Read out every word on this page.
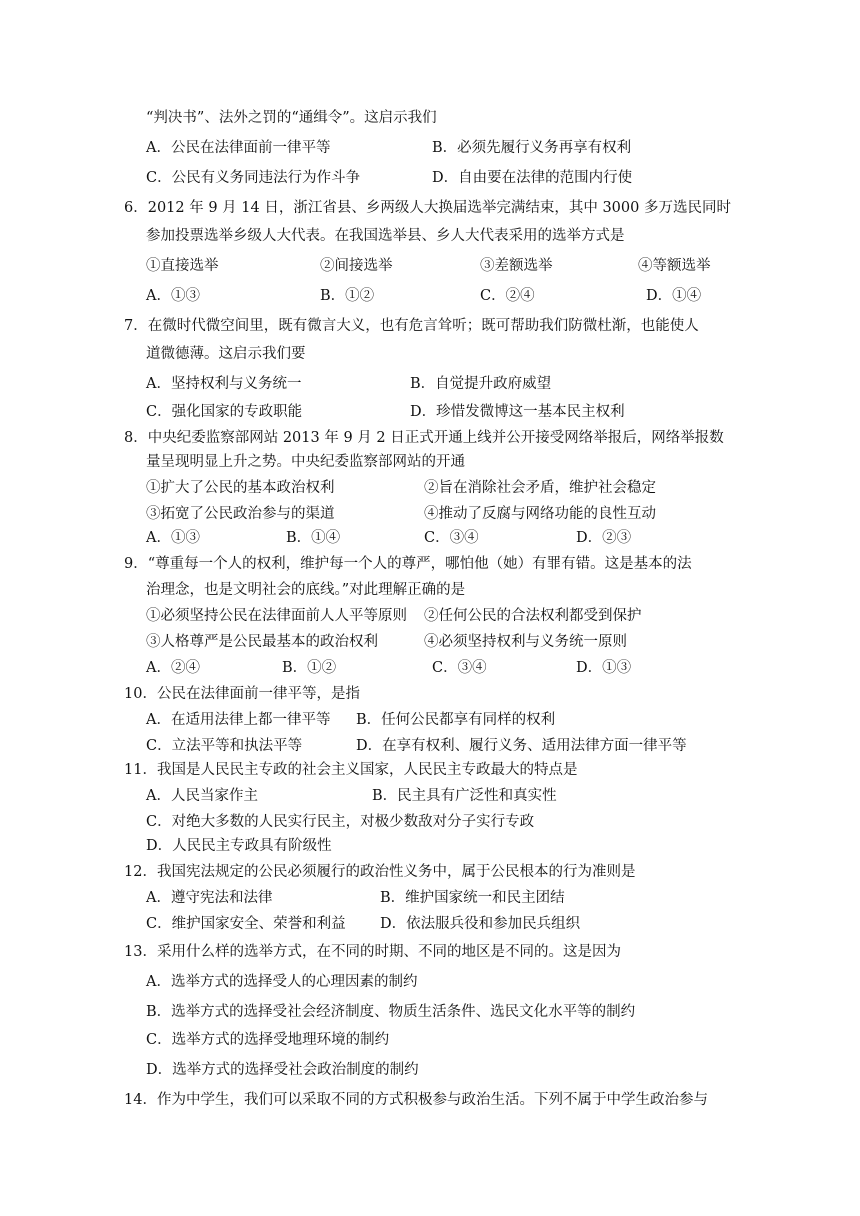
“判决书”、法外之罚的“通缉令”。这启示我们
A．公民在法律面前一律平等	B．必须先履行义务再享有权利
C．公民有义务同违法行为作斗争	D．自由要在法律的范围内行使
6．2012 年 9 月 14 日，浙江省县、乡两级人大换届选举完满结束，其中 3000 多万选民同时
参加投票选举乡级人大代表。在我国选举县、乡人大代表采用的选举方式是
①直接选举	②间接选举	③差额选举	④等额选举
A．①③	B．①②	C．②④	D．①④
7．在微时代微空间里，既有微言大义，也有危言耸听；既可帮助我们防微杜渐，也能使人
道微德薄。这启示我们要
A．坚持权利与义务统一	B．自觉提升政府威望
C．强化国家的专政职能	D．珍惜发微博这一基本民主权利
8．中央纪委监察部网站 2013 年 9 月 2 日正式开通上线并公开接受网络举报后，网络举报数
量呈现明显上升之势。中央纪委监察部网站的开通
①扩大了公民的基本政治权利	②旨在消除社会矛盾，维护社会稳定
③拓宽了公民政治参与的渠道	④推动了反腐与网络功能的良性互动
A．①③	B．①④	C．③④	D．②③
9．“尊重每一个人的权利，维护每一个人的尊严，哪怕他（她）有罪有错。这是基本的法
治理念，也是文明社会的底线。”对此理解正确的是
①必须坚持公民在法律面前人人平等原则 ②任何公民的合法权利都受到保护
③人格尊严是公民最基本的政治权利	④必须坚持权利与义务统一原则
A．②④	B．①②	C．③④	D．①③
10．公民在法律面前一律平等，是指
A．在适用法律上都一律平等 B．任何公民都享有同样的权利
C．立法平等和执法平等	D．在享有权利、履行义务、适用法律方面一律平等
11．我国是人民民主专政的社会主义国家，人民民主专政最大的特点是
A．人民当家作主	B．民主具有广泛性和真实性
C．对绝大多数的人民实行民主，对极少数敌对分子实行专政
D．人民民主专政具有阶级性
12．我国宪法规定的公民必须履行的政治性义务中，属于公民根本的行为准则是
A．遵守宪法和法律	B．维护国家统一和民主团结
C．维护国家安全、荣誉和利益 D．依法服兵役和参加民兵组织
13．采用什么样的选举方式，在不同的时期、不同的地区是不同的。这是因为
A．选举方式的选择受人的心理因素的制约
B．选举方式的选择受社会经济制度、物质生活条件、选民文化水平等的制约
C．选举方式的选择受地理环境的制约
D．选举方式的选择受社会政治制度的制约
14．作为中学生，我们可以采取不同的方式积极参与政治生活。下列不属于中学生政治参与
